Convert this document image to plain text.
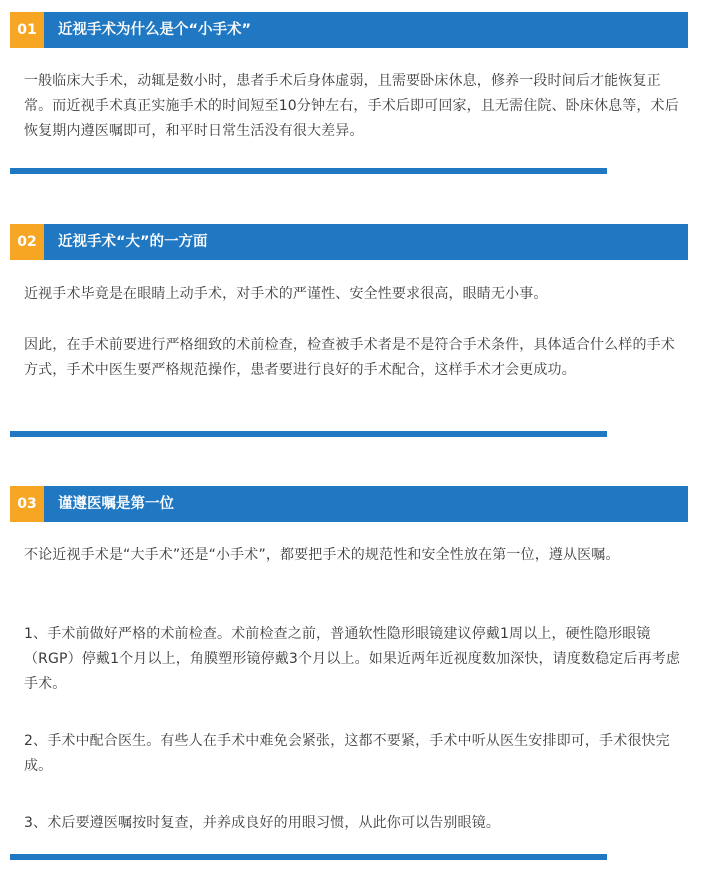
01	近视手术为什么是个“小手术”

一般临床大手术，动辄是数小时，患者手术后身体虚弱，且需要卧床休息，修养一段时间后才能恢复正常。而近视手术真正实施手术的时间短至10分钟左右，手术后即可回家，且无需住院、卧床休息等，术后恢复期内遵医嘱即可，和平时日常生活没有很大差异。

02	近视手术“大”的一方面

近视手术毕竟是在眼睛上动手术，对手术的严谨性、安全性要求很高，眼睛无小事。

因此，在手术前要进行严格细致的术前检查，检查被手术者是不是符合手术条件，具体适合什么样的手术方式，手术中医生要严格规范操作，患者要进行良好的手术配合，这样手术才会更成功。

03	谨遵医嘱是第一位

不论近视手术是“大手术”还是“小手术”，都要把手术的规范性和安全性放在第一位，遵从医嘱。

1、手术前做好严格的术前检查。术前检查之前，普通软性隐形眼镜建议停戴1周以上，硬性隐形眼镜（RGP）停戴1个月以上，角膜塑形镜停戴3个月以上。如果近两年近视度数加深快，请度数稳定后再考虑手术。

2、手术中配合医生。有些人在手术中难免会紧张，这都不要紧，手术中听从医生安排即可，手术很快完成。

3、术后要遵医嘱按时复查，并养成良好的用眼习惯，从此你可以告别眼镜。
